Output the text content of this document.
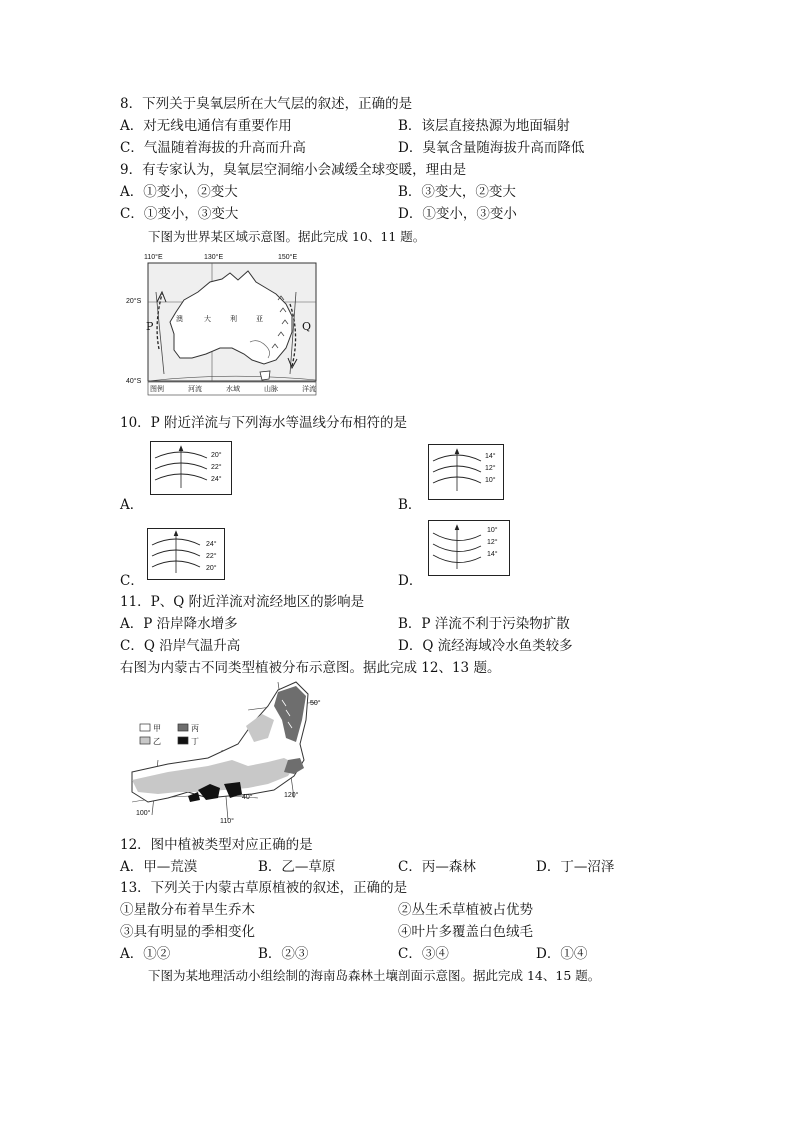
8．下列关于臭氧层所在大气层的叙述，正确的是
A．对无线电通信有重要作用	B．该层直接热源为地面辐射
C．气温随着海拔的升高而升高	D．臭氧含量随海拔升高而降低
9．有专家认为，臭氧层空洞缩小会减缓全球变暖，理由是
A．①变小，②变大	B．③变大，②变大
C．①变小，③变大	D．①变小，③变小
下图为世界某区域示意图。据此完成 10、11 题。
110°E	130°E	150°E
20°S
40°S
澳	大	利	亚
P	Q
图例	河流	水域	山脉	洋流
10．P 附近洋流与下列海水等温线分布相符的是
20°
22°
24°
A．
14°
12°
10°
B．
24°
22°
20°
C．
10°
12°
14°
D．
11．P、Q 附近洋流对流经地区的影响是
A．P 沿岸降水增多	B．P 洋流不利于污染物扩散
C．Q 沿岸气温升高	D．Q 流经海域冷水鱼类较多
右图为内蒙古不同类型植被分布示意图。据此完成 12、13 题。
甲	丙
乙	丁
50°
40°	120°
100°
110°
12．图中植被类型对应正确的是
A．甲—荒漠	B．乙—草原	C．丙—森林	D．丁—沼泽
13．下列关于内蒙古草原植被的叙述，正确的是
①星散分布着旱生乔木	②丛生禾草植被占优势
③具有明显的季相变化	④叶片多覆盖白色绒毛
A．①②	B．②③	C．③④	D．①④
下图为某地理活动小组绘制的海南岛森林土壤剖面示意图。据此完成 14、15 题。
